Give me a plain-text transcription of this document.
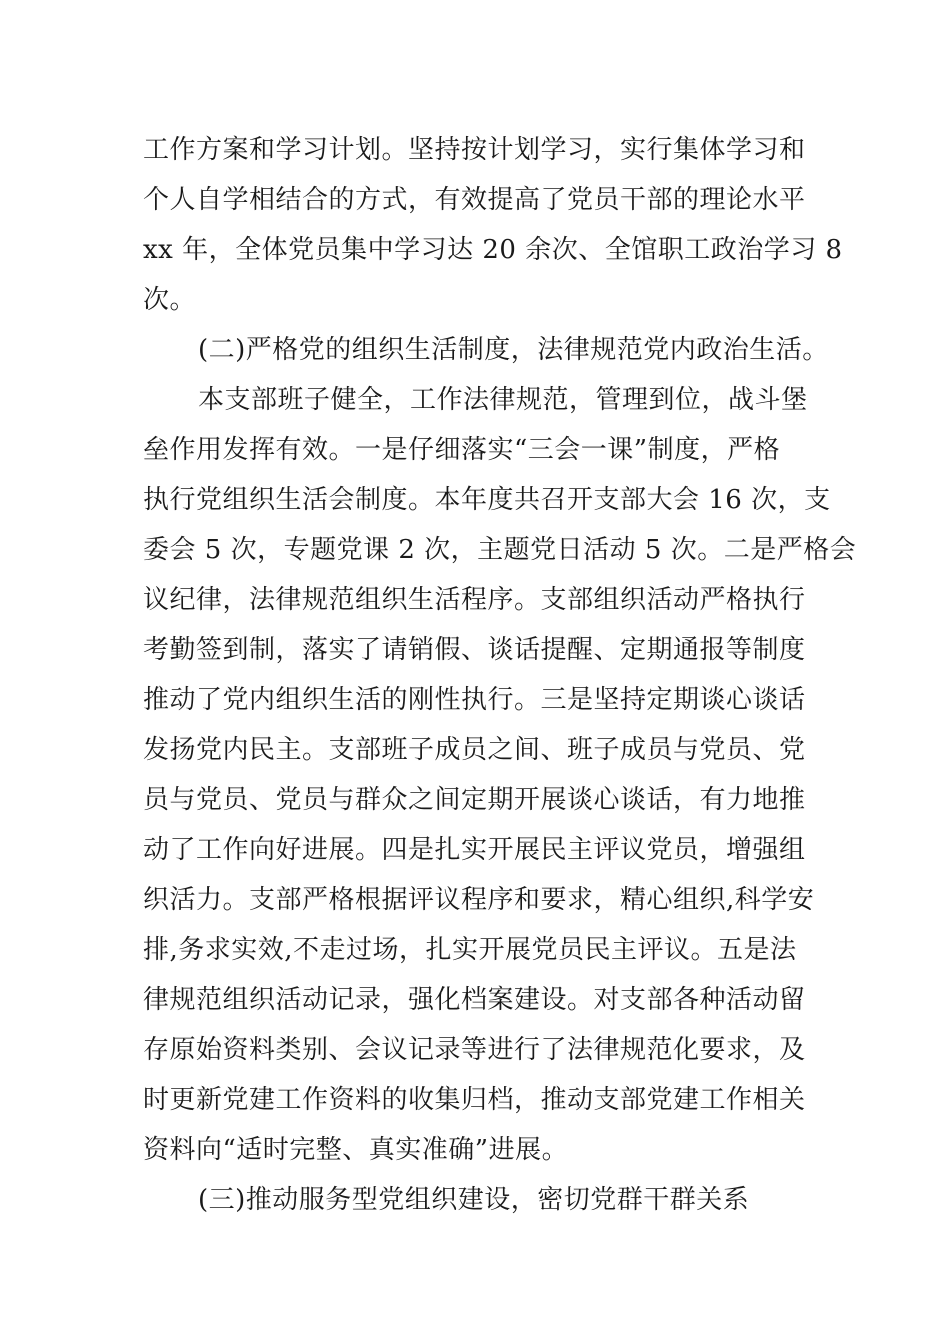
工作方案和学习计划。坚持按计划学习，实行集体学习和
个人自学相结合的方式，有效提高了党员干部的理论水平
xx 年，全体党员集中学习达 20 余次、全馆职工政治学习 8
次。
(二)严格党的组织生活制度，法律规范党内政治生活。
本支部班子健全，工作法律规范，管理到位，战斗堡
垒作用发挥有效。一是仔细落实“三会一课”制度，严格
执行党组织生活会制度。本年度共召开支部大会 16 次，支
委会 5 次，专题党课 2 次，主题党日活动 5 次。二是严格会
议纪律，法律规范组织生活程序。支部组织活动严格执行
考勤签到制，落实了请销假、谈话提醒、定期通报等制度
推动了党内组织生活的刚性执行。三是坚持定期谈心谈话
发扬党内民主。支部班子成员之间、班子成员与党员、党
员与党员、党员与群众之间定期开展谈心谈话，有力地推
动了工作向好进展。四是扎实开展民主评议党员，增强组
织活力。支部严格根据评议程序和要求，精心组织,科学安
排,务求实效,不走过场，扎实开展党员民主评议。五是法
律规范组织活动记录，强化档案建设。对支部各种活动留
存原始资料类别、会议记录等进行了法律规范化要求，及
时更新党建工作资料的收集归档，推动支部党建工作相关
资料向“适时完整、真实准确”进展。
(三)推动服务型党组织建设，密切党群干群关系
